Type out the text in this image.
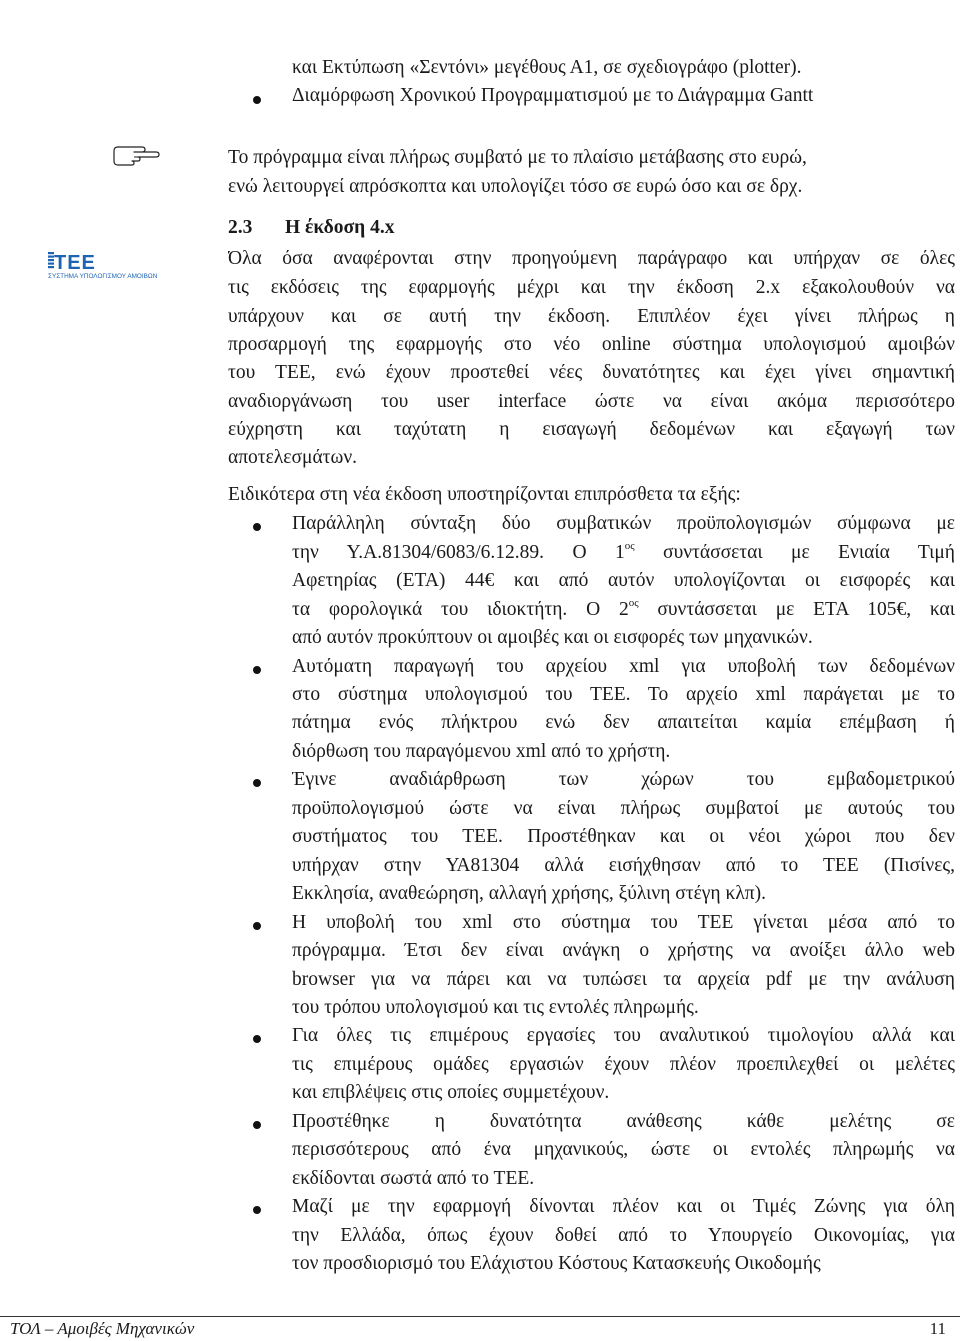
και Εκτύπωση «Σεντόνι» μεγέθους Α1, σε σχεδιογράφο (plotter).
Διαμόρφωση Χρονικού Προγραμματισμού με το Διάγραμμα Gantt
Το πρόγραμμα είναι πλήρως συμβατό με το πλαίσιο μετάβασης στο ευρώ,
ενώ λειτουργεί απρόσκοπτα και υπολογίζει τόσο σε ευρώ όσο και σε δρχ.
2.3 Η έκδοση 4.x
ΤΕΕ
ΣΥΣΤΗΜΑ ΥΠΟΛΟΓΙΣΜΟΥ ΑΜΟΙΒΩΝ
Όλα όσα αναφέρονται στην προηγούμενη παράγραφο και υπήρχαν σε όλες
τις εκδόσεις της εφαρμογής μέχρι και την έκδοση 2.x εξακολουθούν να
υπάρχουν και σε αυτή την έκδοση. Επιπλέον έχει γίνει πλήρως η
προσαρμογή της εφαρμογής στο νέο online σύστημα υπολογισμού αμοιβών
του ΤΕΕ, ενώ έχουν προστεθεί νέες δυνατότητες και έχει γίνει σημαντική
αναδιοργάνωση του user interface ώστε να είναι ακόμα περισσότερο
εύχρηστη και ταχύτατη η εισαγωγή δεδομένων και εξαγωγή των
αποτελεσμάτων.
Ειδικότερα στη νέα έκδοση υποστηρίζονται επιπρόσθετα τα εξής:
Παράλληλη σύνταξη δύο συμβατικών προϋπολογισμών σύμφωνα με
την Υ.Α.81304/6083/6.12.89. Ο $1^{o\varsigma}$ συντάσσεται με Ενιαία Τιμή
Αφετηρίας (ΕΤΑ) 44€ και από αυτόν υπολογίζονται οι εισφορές και
τα φορολογικά του ιδιοκτήτη. Ο $2^{o\varsigma}$ συντάσσεται με ΕΤΑ 105€, και
από αυτόν προκύπτουν οι αμοιβές και οι εισφορές των μηχανικών.
Αυτόματη παραγωγή του αρχείου xml για υποβολή των δεδομένων
στο σύστημα υπολογισμού του ΤΕΕ. Το αρχείο xml παράγεται με το
πάτημα ενός πλήκτρου ενώ δεν απαιτείται καμία επέμβαση ή
διόρθωση του παραγόμενου xml από το χρήστη.
Έγινε αναδιάρθρωση των χώρων του εμβαδομετρικού
προϋπολογισμού ώστε να είναι πλήρως συμβατοί με αυτούς του
συστήματος του ΤΕΕ. Προστέθηκαν και οι νέοι χώροι που δεν
υπήρχαν στην ΥΑ81304 αλλά εισήχθησαν από το ΤΕΕ (Πισίνες,
Εκκλησία, αναθεώρηση, αλλαγή χρήσης, ξύλινη στέγη κλπ).
Η υποβολή του xml στο σύστημα του ΤΕΕ γίνεται μέσα από το
πρόγραμμα. Έτσι δεν είναι ανάγκη ο χρήστης να ανοίξει άλλο web
browser για να πάρει και να τυπώσει τα αρχεία pdf με την ανάλυση
του τρόπου υπολογισμού και τις εντολές πληρωμής.
Για όλες τις επιμέρους εργασίες του αναλυτικού τιμολογίου αλλά και
τις επιμέρους ομάδες εργασιών έχουν πλέον προεπιλεχθεί οι μελέτες
και επιβλέψεις στις οποίες συμμετέχουν.
Προστέθηκε η δυνατότητα ανάθεσης κάθε μελέτης σε
περισσότερους από ένα μηχανικούς, ώστε οι εντολές πληρωμής να
εκδίδονται σωστά από το ΤΕΕ.
Μαζί με την εφαρμογή δίνονται πλέον και οι Τιμές Ζώνης για όλη
την Ελλάδα, όπως έχουν δοθεί από το Υπουργείο Οικονομίας, για
τον προσδιορισμό του Ελάχιστου Κόστους Κατασκευής Οικοδομής
ΤΟΛ – Αμοιβές Μηχανικών	11
